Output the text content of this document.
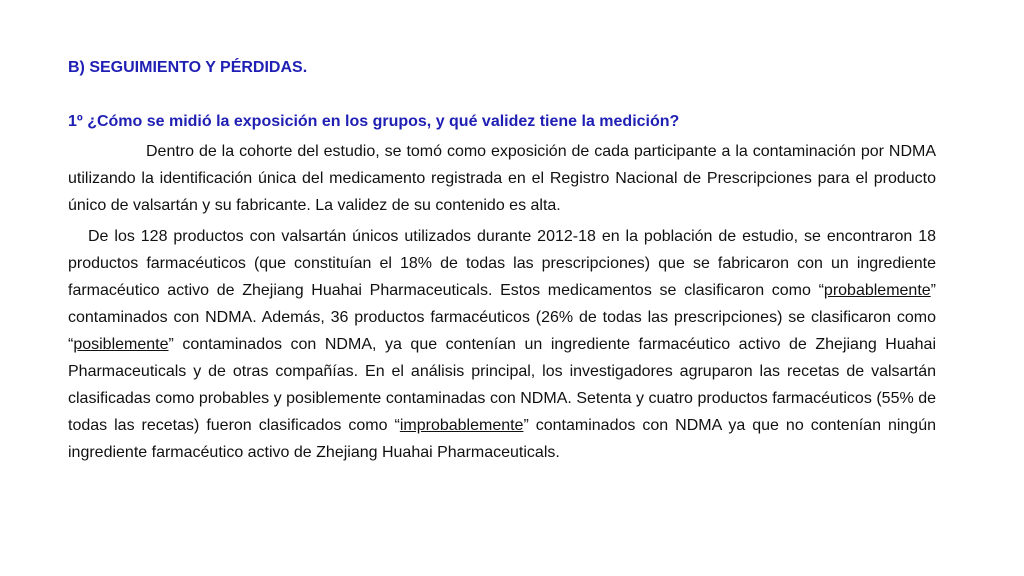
B) SEGUIMIENTO Y PÉRDIDAS.

1º ¿Cómo se midió la exposición en los grupos, y qué validez tiene la medición?

Dentro de la cohorte del estudio, se tomó como exposición de cada participante a la contaminación por NDMA utilizando la identificación única del medicamento registrada en el Registro Nacional de Prescripciones para el producto único de valsartán y su fabricante. La validez de su contenido es alta.

De los 128 productos con valsartán únicos utilizados durante 2012-18 en la población de estudio, se encontraron 18 productos farmacéuticos (que constituían el 18% de todas las prescripciones) que se fabricaron con un ingrediente farmacéutico activo de Zhejiang Huahai Pharmaceuticals. Estos medicamentos se clasificaron como “probablemente” contaminados con NDMA. Además, 36 productos farmacéuticos (26% de todas las prescripciones) se clasificaron como “posiblemente” contaminados con NDMA, ya que contenían un ingrediente farmacéutico activo de Zhejiang Huahai Pharmaceuticals y de otras compañías. En el análisis principal, los investigadores agruparon las recetas de valsartán clasificadas como probables y posiblemente contaminadas con NDMA. Setenta y cuatro productos farmacéuticos (55% de todas las recetas) fueron clasificados como “improbablemente” contaminados con NDMA ya que no contenían ningún ingrediente farmacéutico activo de Zhejiang Huahai Pharmaceuticals.
